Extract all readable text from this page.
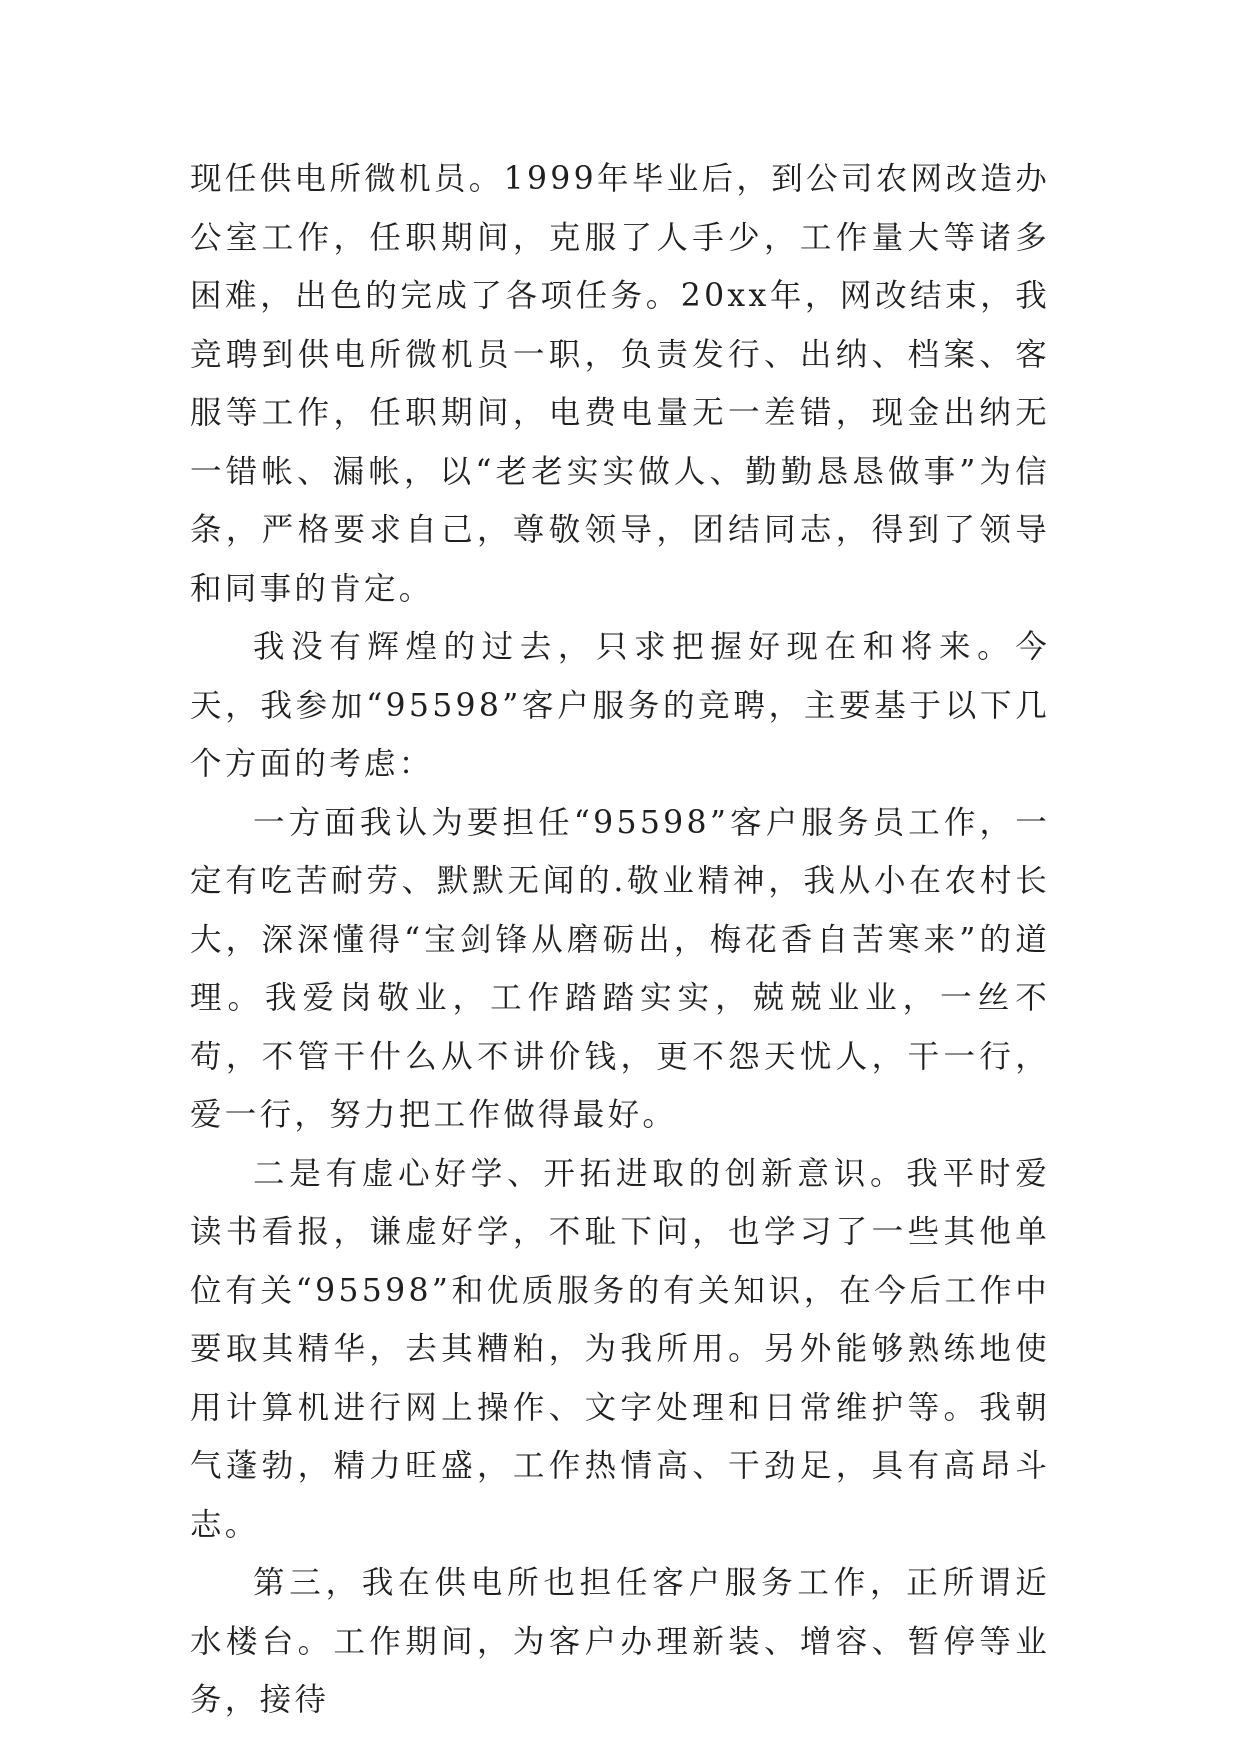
现任供电所微机员。1999年毕业后，到公司农网改造办公室工作，任职期间，克服了人手少，工作量大等诸多困难，出色的完成了各项任务。20xx年，网改结束，我竞聘到供电所微机员一职，负责发行、出纳、档案、客服等工作，任职期间，电费电量无一差错，现金出纳无一错帐、漏帐，以“老老实实做人、勤勤恳恳做事”为信条，严格要求自己，尊敬领导，团结同志，得到了领导和同事的肯定。

我没有辉煌的过去，只求把握好现在和将来。今天，我参加“95598”客户服务的竞聘，主要基于以下几个方面的考虑：

一方面我认为要担任“95598”客户服务员工作，一定有吃苦耐劳、默默无闻的.敬业精神，我从小在农村长大，深深懂得“宝剑锋从磨砺出，梅花香自苦寒来”的道理。我爱岗敬业，工作踏踏实实，兢兢业业，一丝不苟，不管干什么从不讲价钱，更不怨天忧人，干一行，爱一行，努力把工作做得最好。

二是有虚心好学、开拓进取的创新意识。我平时爱读书看报，谦虚好学，不耻下问，也学习了一些其他单位有关“95598”和优质服务的有关知识，在今后工作中要取其精华，去其糟粕，为我所用。另外能够熟练地使用计算机进行网上操作、文字处理和日常维护等。我朝气蓬勃，精力旺盛，工作热情高、干劲足，具有高昂斗志。

第三，我在供电所也担任客户服务工作，正所谓近水楼台。工作期间，为客户办理新装、增容、暂停等业务，接待
